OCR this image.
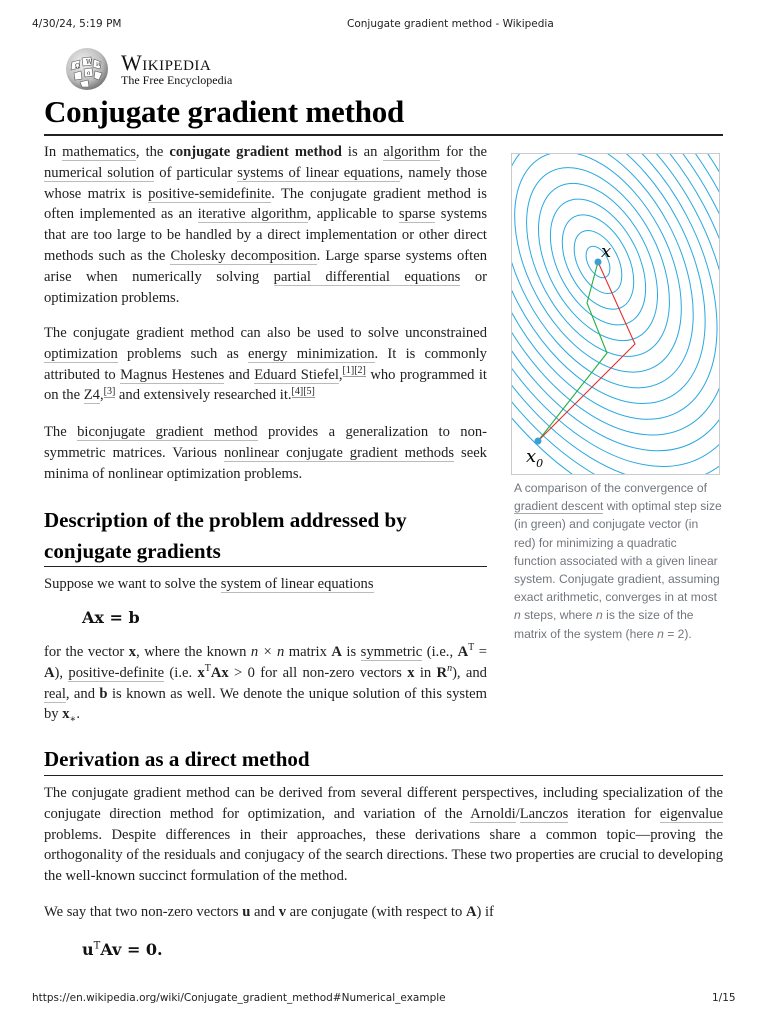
4/30/24, 5:19 PM	Conjugate gradient method - Wikipedia
Ω
W И
ი Wikipedia
The Free Encyclopedia
Conjugate gradient method

In mathematics, the conjugate gradient method is an algorithm for the numerical solution of particular systems of linear equations, namely those whose matrix is positive-semidefinite. The conjugate gradient method is often implemented as an iterative algorithm, applicable to sparse systems that are too large to be handled by a direct implementation or other direct methods such as the Cholesky decomposition. Large sparse systems often arise when numerically solving partial differential equations or optimization problems.

The conjugate gradient method can also be used to solve unconstrained optimization problems such as energy minimization. It is commonly attributed to Magnus Hestenes and Eduard Stiefel,[1][2] who programmed it on the Z4,[3] and extensively researched it.[4][5]

The biconjugate gradient method provides a generalization to non-symmetric matrices. Various nonlinear conjugate gradient methods seek minima of nonlinear optimization problems.

x
$x_0$
A comparison of the convergence of gradient descent with optimal step size (in green) and conjugate vector (in red) for minimizing a quadratic function associated with a given linear system. Conjugate gradient, assuming exact arithmetic, converges in at most n steps, where n is the size of the matrix of the system (here n = 2).
Description of the problem addressed by conjugate gradients

Suppose we want to solve the system of linear equations

Ax = b

for the vector x, where the known n × n matrix A is symmetric (i.e., $A^T = A$), positive-definite (i.e. $x^TAx > 0$ for all non-zero vectors x in $R^n$), and real, and b is known as well. We denote the unique solution of this system by $x_∗$.

Derivation as a direct method

The conjugate gradient method can be derived from several different perspectives, including specialization of the conjugate direction method for optimization, and variation of the Arnoldi/Lanczos iteration for eigenvalue problems. Despite differences in their approaches, these derivations share a common topic—proving the orthogonality of the residuals and conjugacy of the search directions. These two properties are crucial to developing the well-known succinct formulation of the method.

We say that two non-zero vectors u and v are conjugate (with respect to A) if

$u^TAv = 0$.
https://en.wikipedia.org/wiki/Conjugate_gradient_method#Numerical_example	1/15
